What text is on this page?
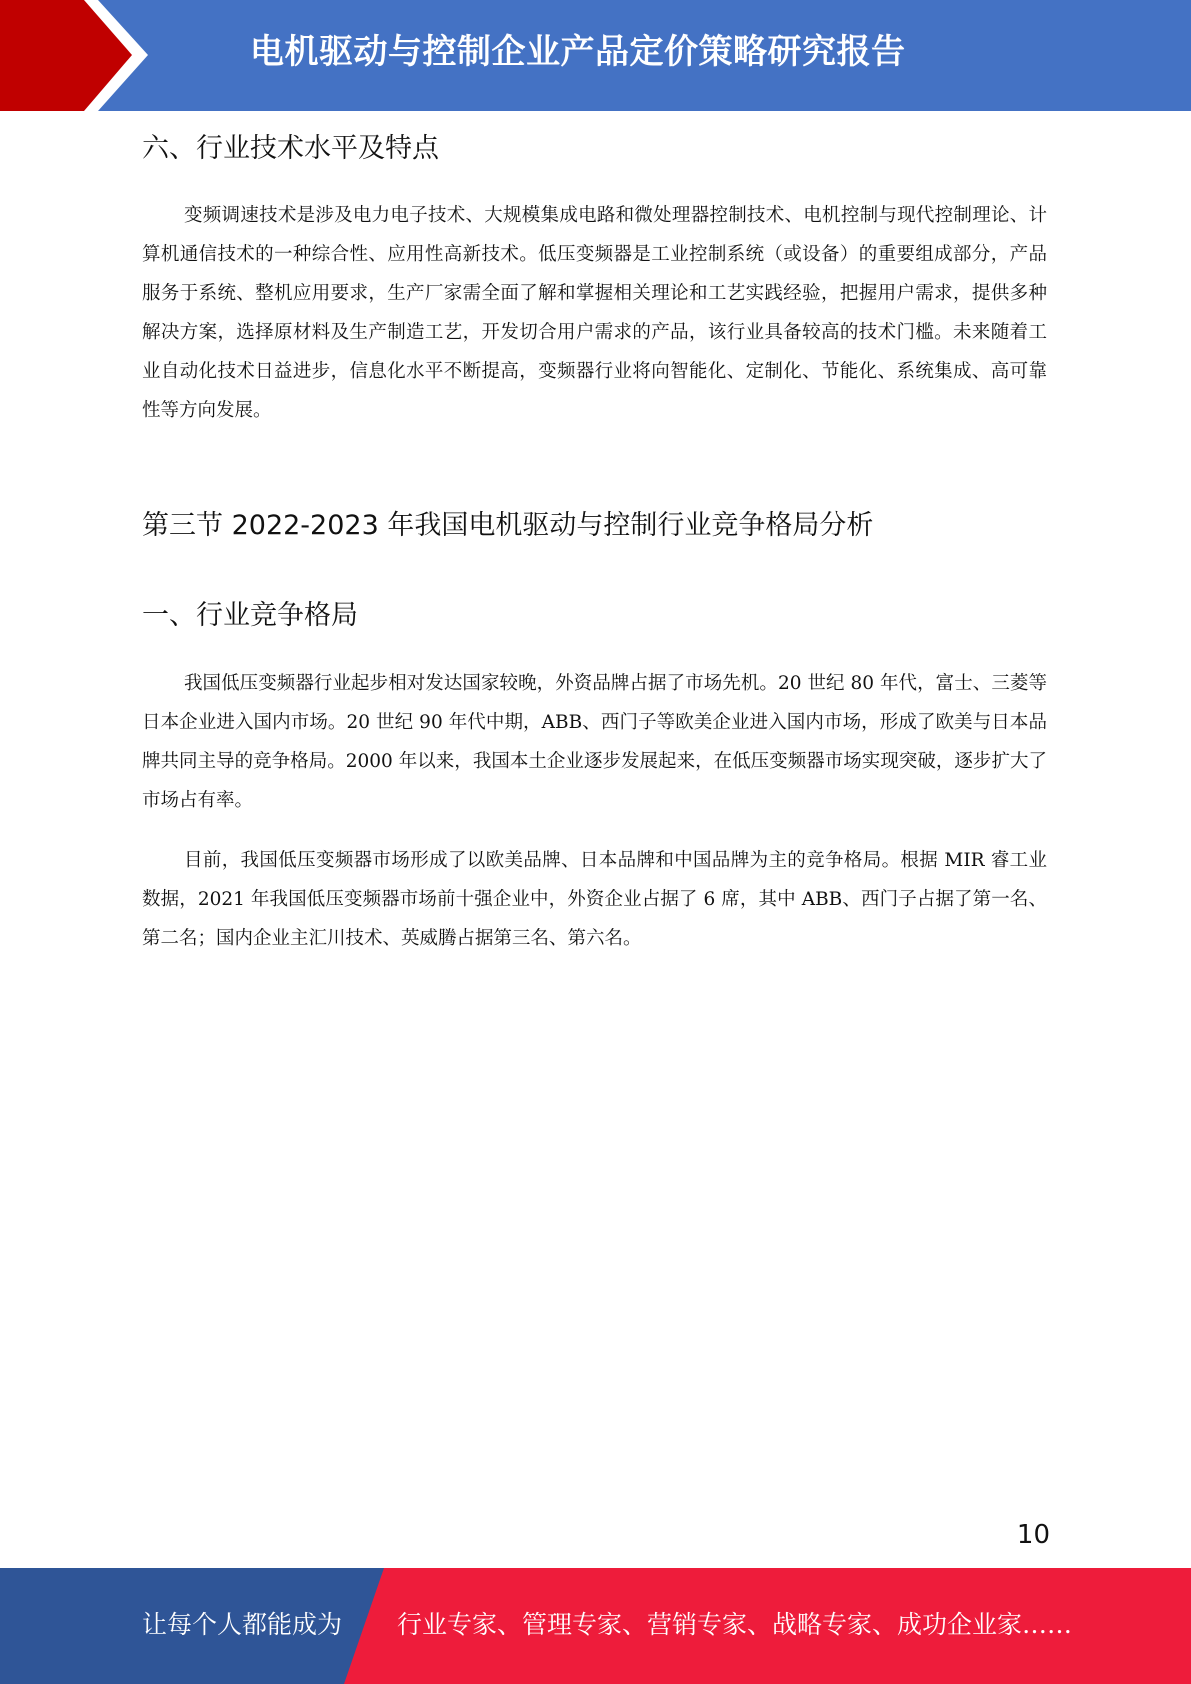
电机驱动与控制企业产品定价策略研究报告
六、行业技术水平及特点

变频调速技术是涉及电力电子技术、大规模集成电路和微处理器控制技术、电机控制与现代控制理论、计算机通信技术的一种综合性、应用性高新技术。低压变频器是工业控制系统（或设备）的重要组成部分，产品服务于系统、整机应用要求，生产厂家需全面了解和掌握相关理论和工艺实践经验，把握用户需求，提供多种解决方案，选择原材料及生产制造工艺，开发切合用户需求的产品，该行业具备较高的技术门槛。未来随着工业自动化技术日益进步，信息化水平不断提高，变频器行业将向智能化、定制化、节能化、系统集成、高可靠性等方向发展。

第三节 2022-2023 年我国电机驱动与控制行业竞争格局分析
一、行业竞争格局

我国低压变频器行业起步相对发达国家较晚，外资品牌占据了市场先机。20 世纪 80 年代，富士、三菱等日本企业进入国内市场。20 世纪 90 年代中期，ABB、西门子等欧美企业进入国内市场，形成了欧美与日本品牌共同主导的竞争格局。2000 年以来，我国本土企业逐步发展起来，在低压变频器市场实现突破，逐步扩大了市场占有率。

目前，我国低压变频器市场形成了以欧美品牌、日本品牌和中国品牌为主的竞争格局。根据 MIR 睿工业数据，2021 年我国低压变频器市场前十强企业中，外资企业占据了 6 席，其中 ABB、西门子占据了第一名、第二名；国内企业主汇川技术、英威腾占据第三名、第六名。

10
让每个人都能成为 行业专家、管理专家、营销专家、战略专家、成功企业家……
